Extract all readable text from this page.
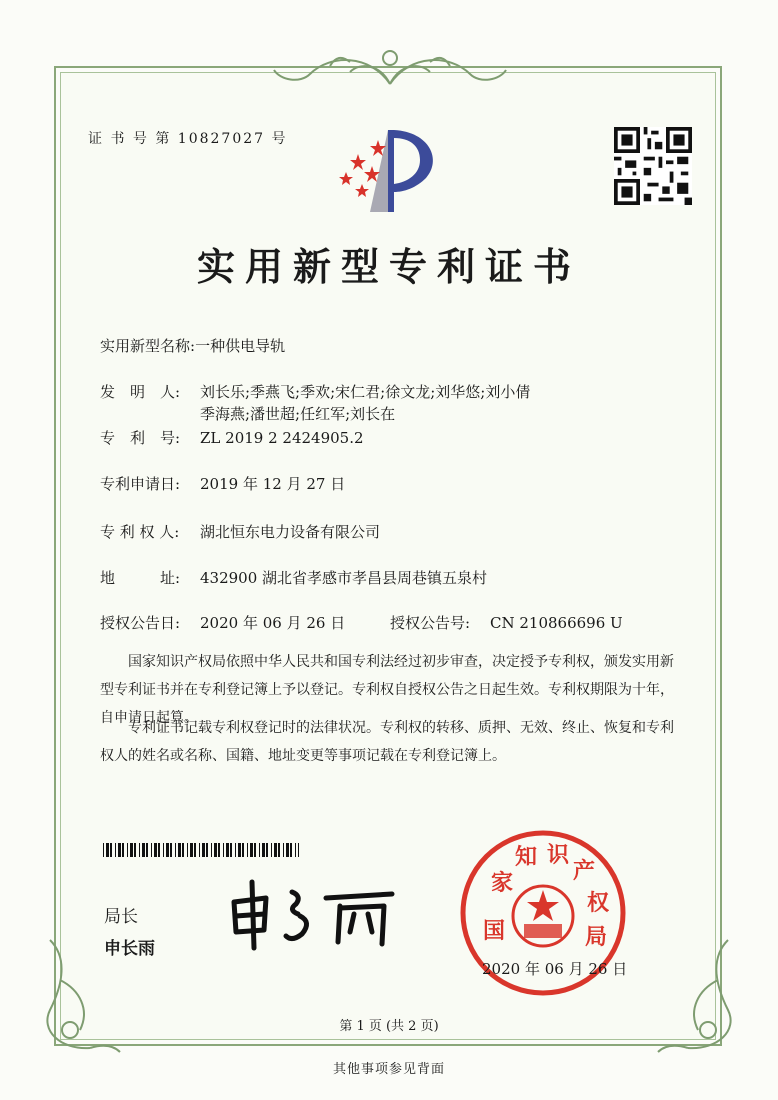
证 书 号 第 10827027 号
实用新型专利证书
实用新型名称:一种供电导轨
发　明　人: 刘长乐;季燕飞;季欢;宋仁君;徐文龙;刘华悠;刘小倩
季海燕;潘世超;任红军;刘长在
专　利　号: ZL 2019 2 2424905.2
专利申请日: 2019 年 12 月 27 日
专 利 权 人: 湖北恒东电力设备有限公司
地　　　址: 432900 湖北省孝感市孝昌县周巷镇五泉村
授权公告日: 2020 年 06 月 26 日	授权公告号: CN 210866696 U
国家知识产权局依照中华人民共和国专利法经过初步审查，决定授予专利权，颁发实用新型专利证书并在专利登记簿上予以登记。专利权自授权公告之日起生效。专利权期限为十年，自申请日起算。
专利证书记载专利权登记时的法律状况。专利权的转移、质押、无效、终止、恢复和专利权人的姓名或名称、国籍、地址变更等事项记载在专利登记簿上。
局长
申长雨
国
家
知 识
产
权
局
2020 年 06 月 26 日
第 1 页 (共 2 页)
其他事项参见背面
